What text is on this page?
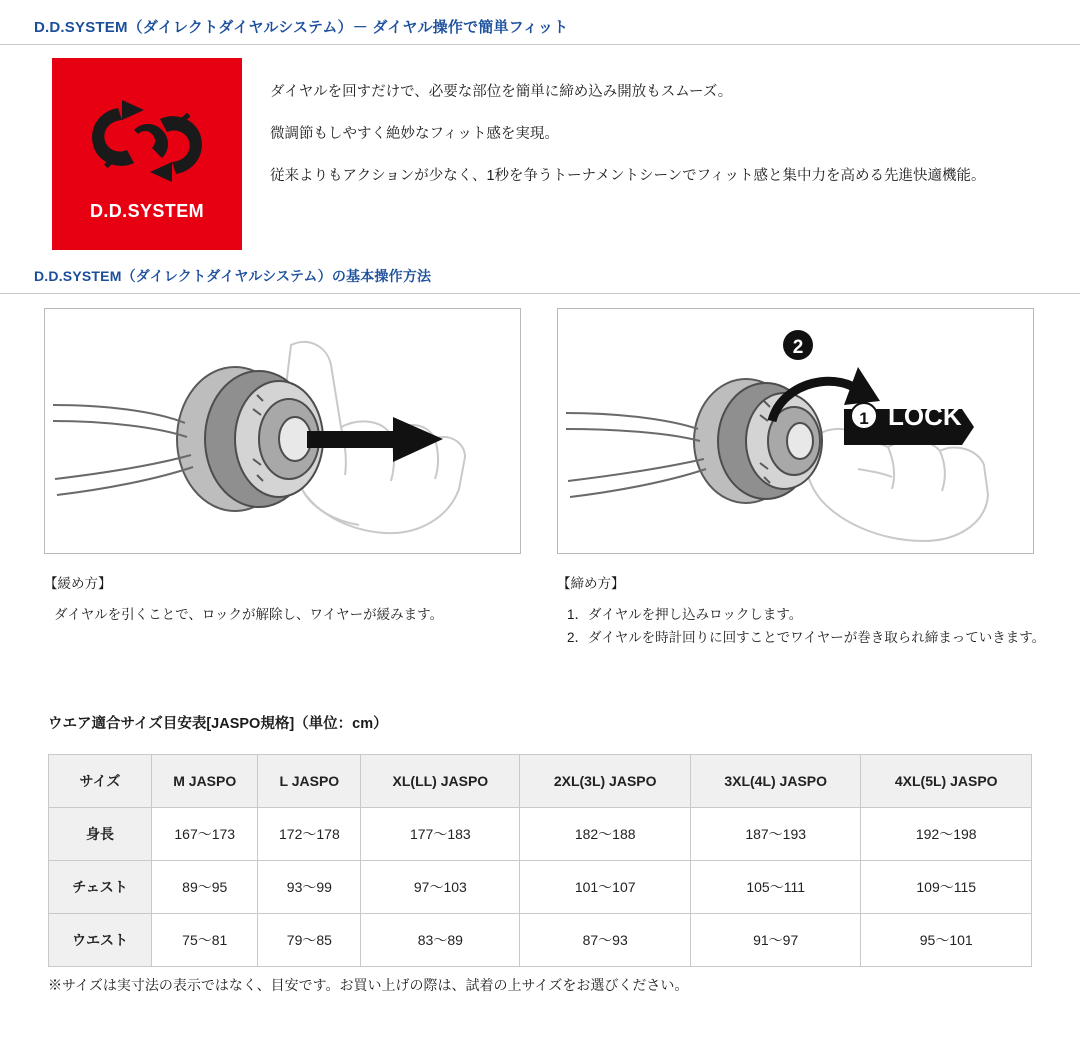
D.D.SYSTEM（ダイレクトダイヤルシステム）－ ダイヤル操作で簡単フィット
D.D.SYSTEM

ダイヤルを回すだけで、必要な部位を簡単に締め込み開放もスムーズ。

微調節もしやすく絶妙なフィット感を実現。

従来よりもアクションが少なく、1秒を争うトーナメントシーンでフィット感と集中力を高める先進快適機能。

D.D.SYSTEM（ダイレクトダイヤルシステム）の基本操作方法
【緩め方】
ダイヤルを引くことで、ロックが解除し、ワイヤーが緩みます。
LOCK
1
2
【締め方】
1．ダイヤルを押し込みロックします。
2．ダイヤルを時計回りに回すことでワイヤーが巻き取られ締まっていきます。
ウエア適合サイズ目安表[JASPO規格]（単位：cm）
サイズ	M JASPO	L JASPO	XL(LL) JASPO	2XL(3L) JASPO	3XL(4L) JASPO	4XL(5L) JASPO
身長	167〜173	172〜178	177〜183	182〜188	187〜193	192〜198
チェスト	89〜95	93〜99	97〜103	101〜107	105〜111	109〜115
ウエスト	75〜81	79〜85	83〜89	87〜93	91〜97	95〜101
※サイズは実寸法の表示ではなく、目安です。お買い上げの際は、試着の上サイズをお選びください。
